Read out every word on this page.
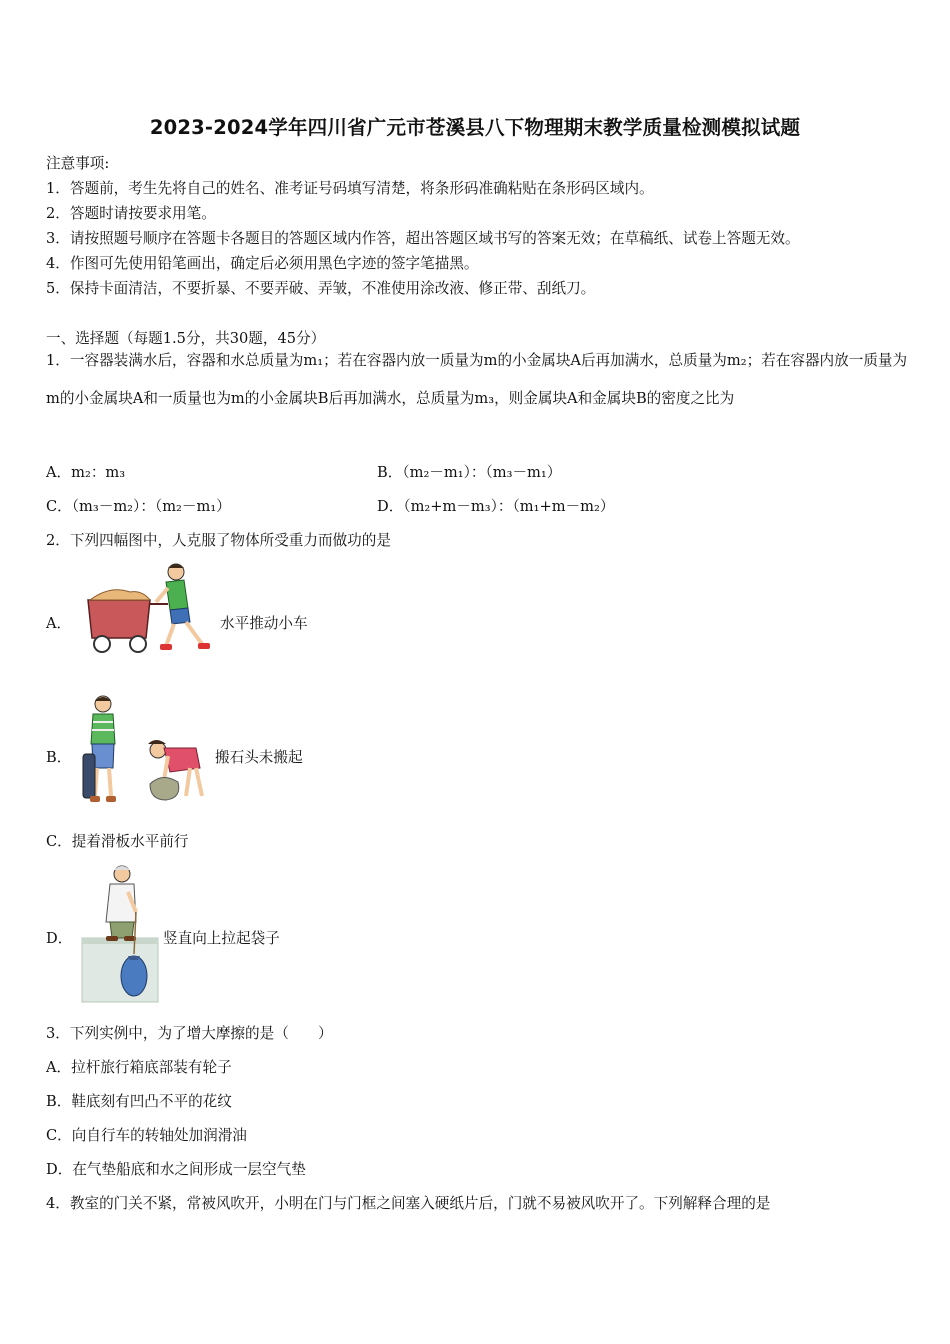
2023-2024学年四川省广元市苍溪县八下物理期末教学质量检测模拟试题
注意事项:
1．答题前，考生先将自己的姓名、准考证号码填写清楚，将条形码准确粘贴在条形码区域内。
2．答题时请按要求用笔。
3．请按照题号顺序在答题卡各题目的答题区域内作答，超出答题区域书写的答案无效；在草稿纸、试卷上答题无效。
4．作图可先使用铅笔画出，确定后必须用黑色字迹的签字笔描黑。
5．保持卡面清洁，不要折暴、不要弄破、弄皱，不准使用涂改液、修正带、刮纸刀。
一、选择题（每题1.5分，共30题，45分）
1．一容器装满水后，容器和水总质量为m₁；若在容器内放一质量为m的小金属块A后再加满水，总质量为m₂；若在容器内放一质量为m的小金属块A和一质量也为m的小金属块B后再加满水，总质量为m₃，则金属块A和金属块B的密度之比为
A．m₂：m₃	B．（m₂－m₁）：（m₃－m₁）
C．（m₃－m₂）：（m₂－m₁）	D．（m₂+m－m₃）：（m₁+m－m₂）
2．下列四幅图中，人克服了物体所受重力而做功的是
A．	水平推动小车
B．	搬石头未搬起
C．提着滑板水平前行
D．	竖直向上拉起袋子
3．下列实例中，为了增大摩擦的是（　　）
A．拉杆旅行箱底部装有轮子
B．鞋底刻有凹凸不平的花纹
C．向自行车的转轴处加润滑油
D．在气垫船底和水之间形成一层空气垫
4．教室的门关不紧，常被风吹开，小明在门与门框之间塞入硬纸片后，门就不易被风吹开了。下列解释合理的是
